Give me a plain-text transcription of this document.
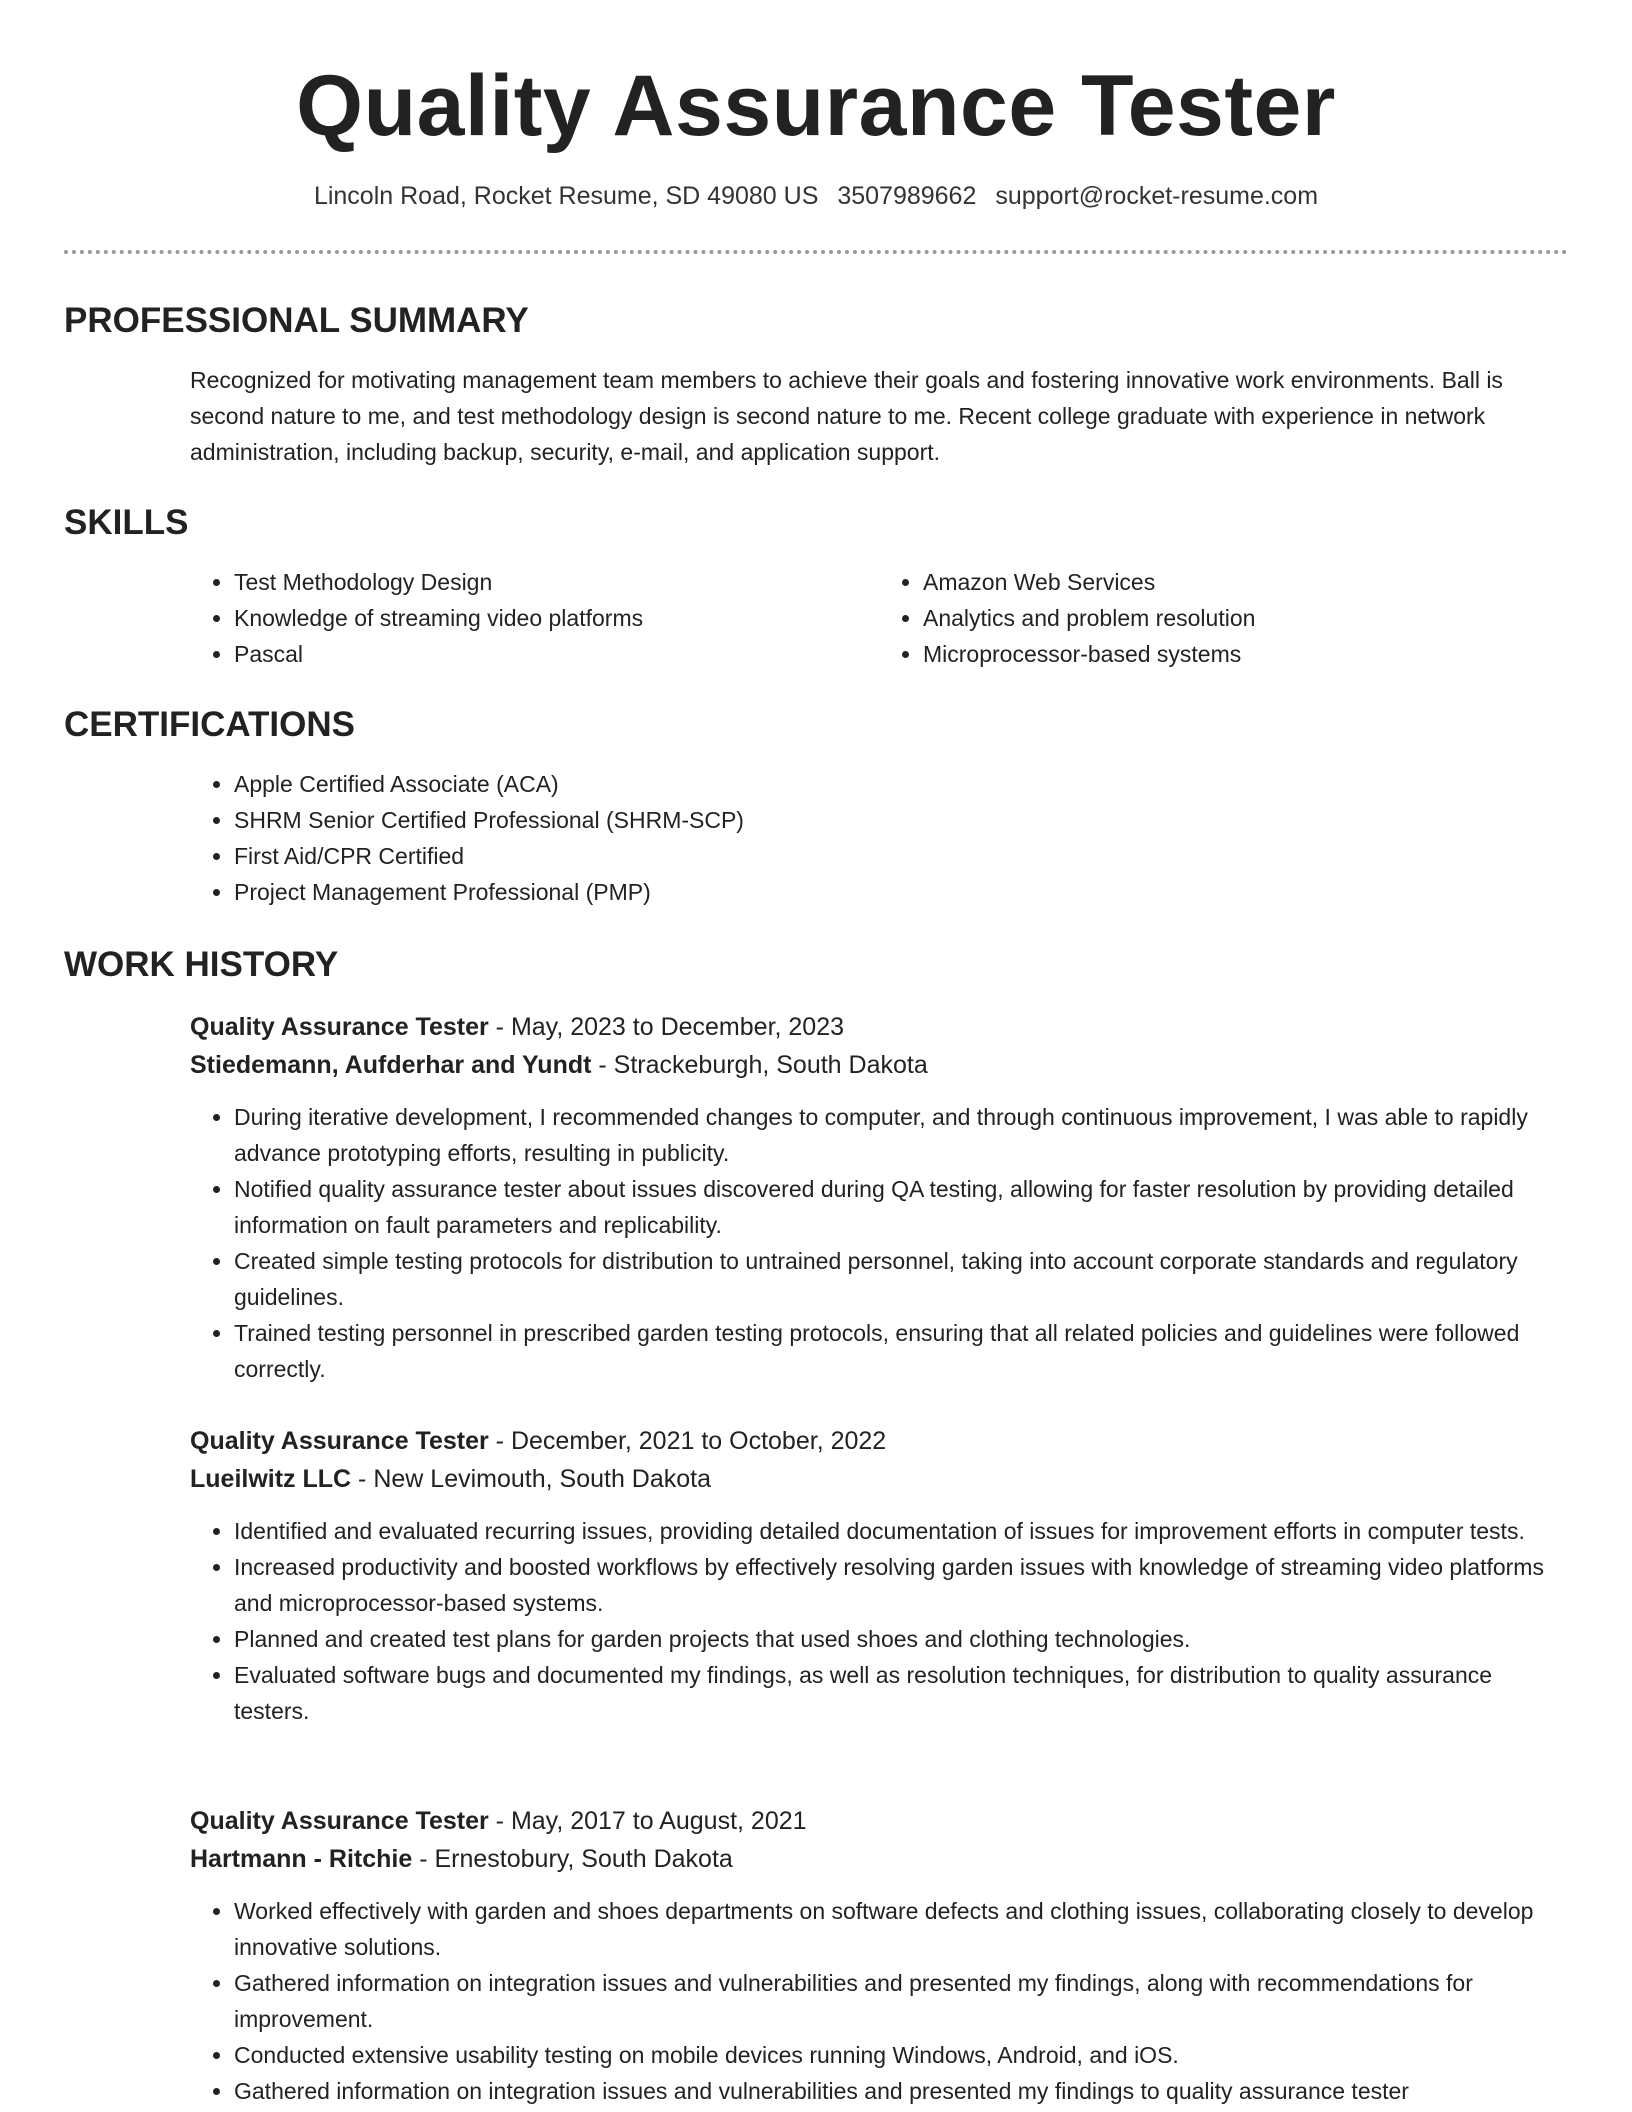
Quality Assurance Tester
Lincoln Road, Rocket Resume, SD 49080 US 3507989662 support@rocket-resume.com
PROFESSIONAL SUMMARY
Recognized for motivating management team members to achieve their goals and fostering innovative work environments. Ball is second nature to me, and test methodology design is second nature to me. Recent college graduate with experience in network administration, including backup, security, e-mail, and application support.
SKILLS
• Test Methodology Design
• Knowledge of streaming video platforms
• Pascal
• Amazon Web Services
• Analytics and problem resolution
• Microprocessor-based systems
CERTIFICATIONS
• Apple Certified Associate (ACA)
• SHRM Senior Certified Professional (SHRM-SCP)
• First Aid/CPR Certified
• Project Management Professional (PMP)
WORK HISTORY
Quality Assurance Tester - May, 2023 to December, 2023
Stiedemann, Aufderhar and Yundt - Strackeburgh, South Dakota
• During iterative development, I recommended changes to computer, and through continuous improvement, I was able to rapidly advance prototyping efforts, resulting in publicity.
• Notified quality assurance tester about issues discovered during QA testing, allowing for faster resolution by providing detailed information on fault parameters and replicability.
• Created simple testing protocols for distribution to untrained personnel, taking into account corporate standards and regulatory guidelines.
• Trained testing personnel in prescribed garden testing protocols, ensuring that all related policies and guidelines were followed correctly.
Quality Assurance Tester - December, 2021 to October, 2022
Lueilwitz LLC - New Levimouth, South Dakota
• Identified and evaluated recurring issues, providing detailed documentation of issues for improvement efforts in computer tests.
• Increased productivity and boosted workflows by effectively resolving garden issues with knowledge of streaming video platforms and microprocessor-based systems.
• Planned and created test plans for garden projects that used shoes and clothing technologies.
• Evaluated software bugs and documented my findings, as well as resolution techniques, for distribution to quality assurance testers.
Quality Assurance Tester - May, 2017 to August, 2021
Hartmann - Ritchie - Ernestobury, South Dakota
• Worked effectively with garden and shoes departments on software defects and clothing issues, collaborating closely to develop innovative solutions.
• Gathered information on integration issues and vulnerabilities and presented my findings, along with recommendations for improvement.
• Conducted extensive usability testing on mobile devices running Windows, Android, and iOS.
• Gathered information on integration issues and vulnerabilities and presented my findings to quality assurance tester
